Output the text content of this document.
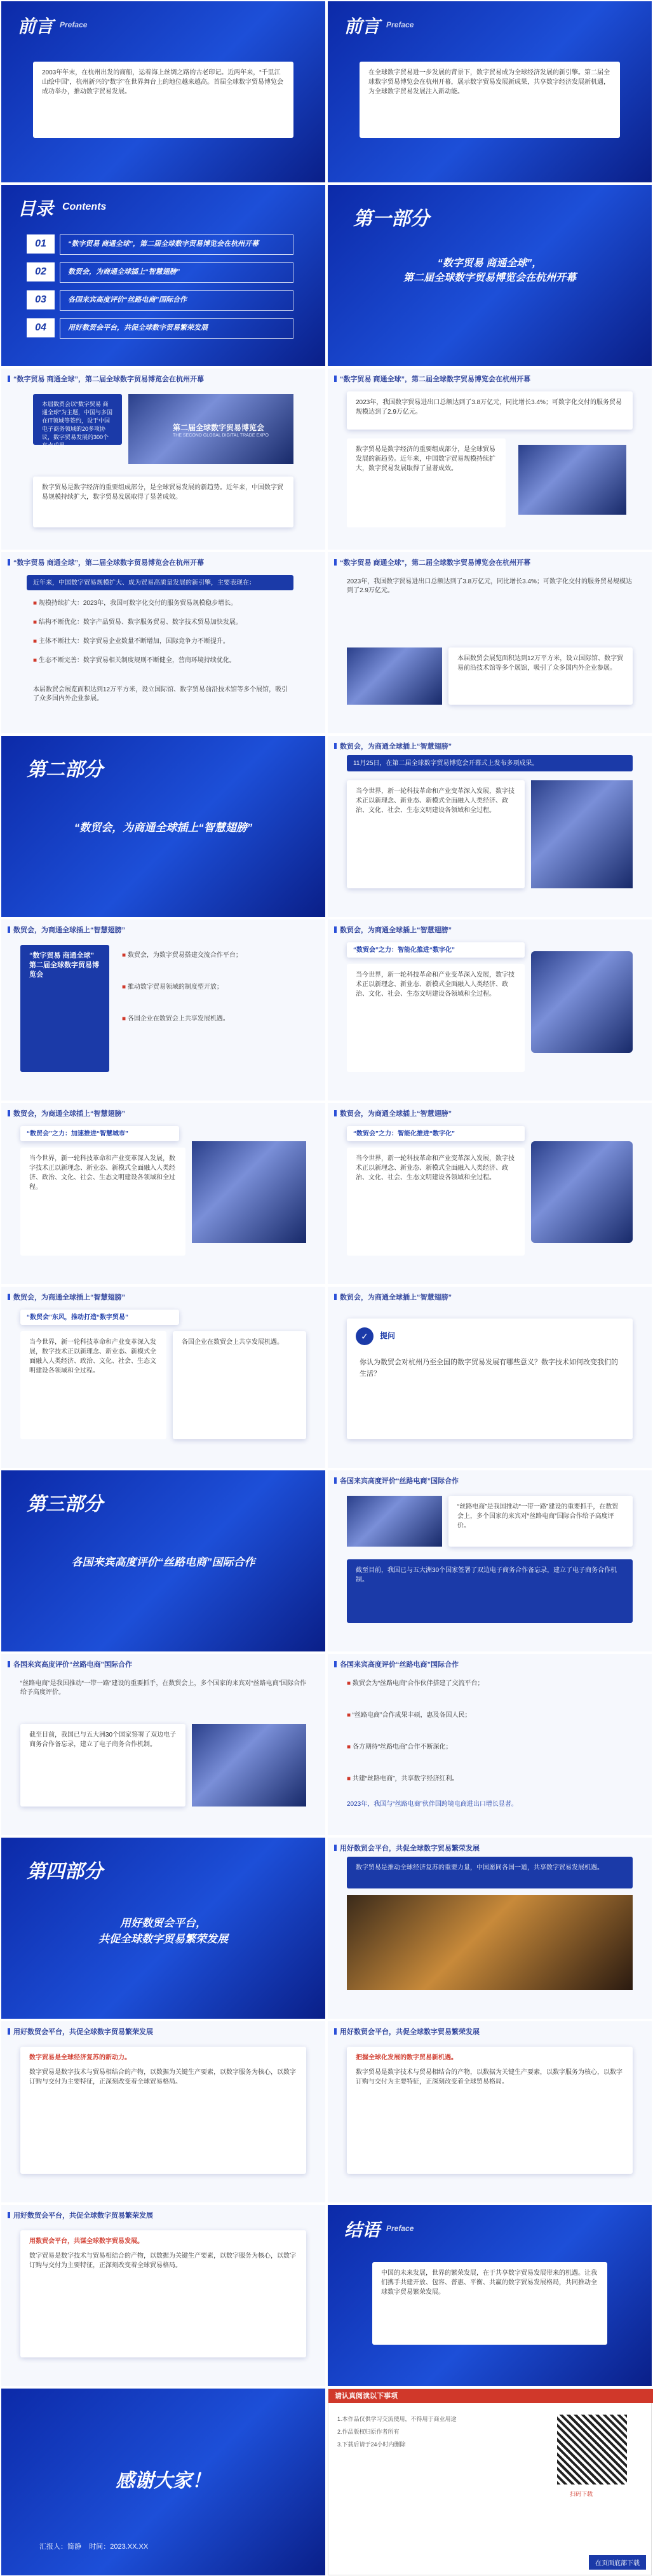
前言 Preface
2003年年末，在杭州出发的商船，运着海上丝绸之路的古老印记。近两年来，“千里江山绘中国”，杭州新兴的“数字”在世界舞台上的地位越来越高。首届全球数字贸易博览会成功举办，推动数字贸易发展。
前言 Preface
在全球数字贸易进一步发展的背景下，数字贸易成为全球经济发展的新引擎。第二届全球数字贸易博览会在杭州开幕，展示数字贸易发展新成果，共享数字经济发展新机遇，为全球数字贸易发展注入新动能。
目录 Contents
01	“数字贸易 商通全球”，第二届全球数字贸易博览会在杭州开幕
02	数贸会，为商通全球插上“智慧翅膀”
03	各国来宾高度评价“丝路电商”国际合作
04	用好数贸会平台，共促全球数字贸易繁荣发展
第一部分
“数字贸易 商通全球”，
第二届全球数字贸易博览会在杭州开幕
“数字贸易 商通全球”，第二届全球数字贸易博览会在杭州开幕
本届数贸会以“数字贸易 商通全球”为主题，中国与多国在IT领域等签约，设于中国电子商务领域的20多项协议，数字贸易发展的300个亮点成果。
第二届全球数字贸易博览会
THE SECOND GLOBAL DIGITAL TRADE EXPO
数字贸易是数字经济的重要组成部分，是全球贸易发展的新趋势。近年来，中国数字贸易规模持续扩大，数字贸易发展取得了显著成效。
“数字贸易 商通全球”，第二届全球数字贸易博览会在杭州开幕
2023年，我国数字贸易进出口总额达到了3.8万亿元，同比增长3.4%；可数字化交付的服务贸易规模达到了2.9万亿元。
数字贸易是数字经济的重要组成部分，是全球贸易发展的新趋势。近年来，中国数字贸易规模持续扩大，数字贸易发展取得了显著成效。
“数字贸易 商通全球”，第二届全球数字贸易博览会在杭州开幕
近年来，中国数字贸易规模扩大、成为贸易高质量发展的新引擎，主要表现在：
■ 规模持续扩大：2023年，我国可数字化交付的服务贸易规模稳步增长。
■ 结构不断优化：数字产品贸易、数字服务贸易、数字技术贸易加快发展。
■ 主体不断壮大：数字贸易企业数量不断增加，国际竞争力不断提升。
■ 生态不断完善：数字贸易相关制度规则不断健全，营商环境持续优化。
本届数贸会展览面积达到12万平方米，设立国际馆、数字贸易前沿技术馆等多个展馆，吸引了众多国内外企业参展。
“数字贸易 商通全球”，第二届全球数字贸易博览会在杭州开幕
2023年，我国数字贸易进出口总额达到了3.8万亿元，同比增长3.4%；可数字化交付的服务贸易规模达到了2.9万亿元。
本届数贸会展览面积达到12万平方米，设立国际馆、数字贸易前沿技术馆等多个展馆，吸引了众多国内外企业参展。
第二部分
“数贸会，为商通全球插上“智慧翅膀”
数贸会，为商通全球插上“智慧翅膀”
11月25日，在第二届全球数字贸易博览会开幕式上发布多项成果。
当今世界，新一轮科技革命和产业变革深入发展，数字技术正以新理念、新业态、新模式全面融入人类经济、政治、文化、社会、生态文明建设各领域和全过程。
数贸会，为商通全球插上“智慧翅膀”
“数字贸易 商通全球”
第二届全球数字贸易博览会
■ 数贸会，为数字贸易搭建交流合作平台；
■ 推动数字贸易领域的制度型开放；
■ 各国企业在数贸会上共享发展机遇。
数贸会，为商通全球插上“智慧翅膀”
“数贸会”之力：智能化推进“数字化”
当今世界，新一轮科技革命和产业变革深入发展，数字技术正以新理念、新业态、新模式全面融入人类经济、政治、文化、社会、生态文明建设各领域和全过程。
数贸会，为商通全球插上“智慧翅膀”
“数贸会”之力：加速推进“智慧城市”
当今世界，新一轮科技革命和产业变革深入发展，数字技术正以新理念、新业态、新模式全面融入人类经济、政治、文化、社会、生态文明建设各领域和全过程。
数贸会，为商通全球插上“智慧翅膀”
“数贸会”之力：智能化推进“数字化”
当今世界，新一轮科技革命和产业变革深入发展，数字技术正以新理念、新业态、新模式全面融入人类经济、政治、文化、社会、生态文明建设各领域和全过程。
数贸会，为商通全球插上“智慧翅膀”
“数贸会”东风，推动打造“数字贸易”
当今世界，新一轮科技革命和产业变革深入发展，数字技术正以新理念、新业态、新模式全面融入人类经济、政治、文化、社会、生态文明建设各领域和全过程。
各国企业在数贸会上共享发展机遇。
数贸会，为商通全球插上“智慧翅膀”
✓	提问
你认为数贸会对杭州乃至全国的数字贸易发展有哪些意义？数字技术如何改变我们的生活？
第三部分
各国来宾高度评价“丝路电商”国际合作
各国来宾高度评价“丝路电商”国际合作
“丝路电商”是我国推动“一带一路”建设的重要抓手，在数贸会上，多个国家的来宾对“丝路电商”国际合作给予高度评价。
截至目前，我国已与五大洲30个国家签署了双边电子商务合作备忘录，建立了电子商务合作机制。
各国来宾高度评价“丝路电商”国际合作
“丝路电商”是我国推动“一带一路”建设的重要抓手，在数贸会上，多个国家的来宾对“丝路电商”国际合作给予高度评价。
截至目前，我国已与五大洲30个国家签署了双边电子商务合作备忘录，建立了电子商务合作机制。
各国来宾高度评价“丝路电商”国际合作
■ 数贸会为“丝路电商”合作伙伴搭建了交流平台；
■ “丝路电商”合作成果丰硕，惠及各国人民；
■ 各方期待“丝路电商”合作不断深化；
■ 共建“丝路电商”，共享数字经济红利。
2023年，我国与“丝路电商”伙伴国跨境电商进出口增长显著。
第四部分
用好数贸会平台，
共促全球数字贸易繁荣发展
用好数贸会平台，共促全球数字贸易繁荣发展
数字贸易是推动全球经济复苏的重要力量，中国愿同各国一道，共享数字贸易发展机遇。
用好数贸会平台，共促全球数字贸易繁荣发展
数字贸易是全球经济复苏的新动力。
数字贸易是数字技术与贸易相结合的产物，以数据为关键生产要素，以数字服务为核心，以数字订购与交付为主要特征，正深刻改变着全球贸易格局。
用好数贸会平台，共促全球数字贸易繁荣发展
把握全球化发展的数字贸易新机遇。
数字贸易是数字技术与贸易相结合的产物，以数据为关键生产要素，以数字服务为核心，以数字订购与交付为主要特征，正深刻改变着全球贸易格局。
用好数贸会平台，共促全球数字贸易繁荣发展
用数贸会平台，共谋全球数字贸易发展。
数字贸易是数字技术与贸易相结合的产物，以数据为关键生产要素，以数字服务为核心，以数字订购与交付为主要特征，正深刻改变着全球贸易格局。
结语 Preface
中国的未来发展，世界的繁荣发展，在于共享数字贸易发展带来的机遇。让我们携手共建开放、包容、普惠、平衡、共赢的数字贸易发展格局，共同推动全球数字贸易繁荣发展。
感谢大家！
汇报人：简静 时间：2023.XX.XX
请认真阅读以下事项
1.本作品仅供学习交流使用，不得用于商业用途
2.作品版权归原作者所有
3.下载后请于24小时内删除
扫码下载
在页面底部下载
